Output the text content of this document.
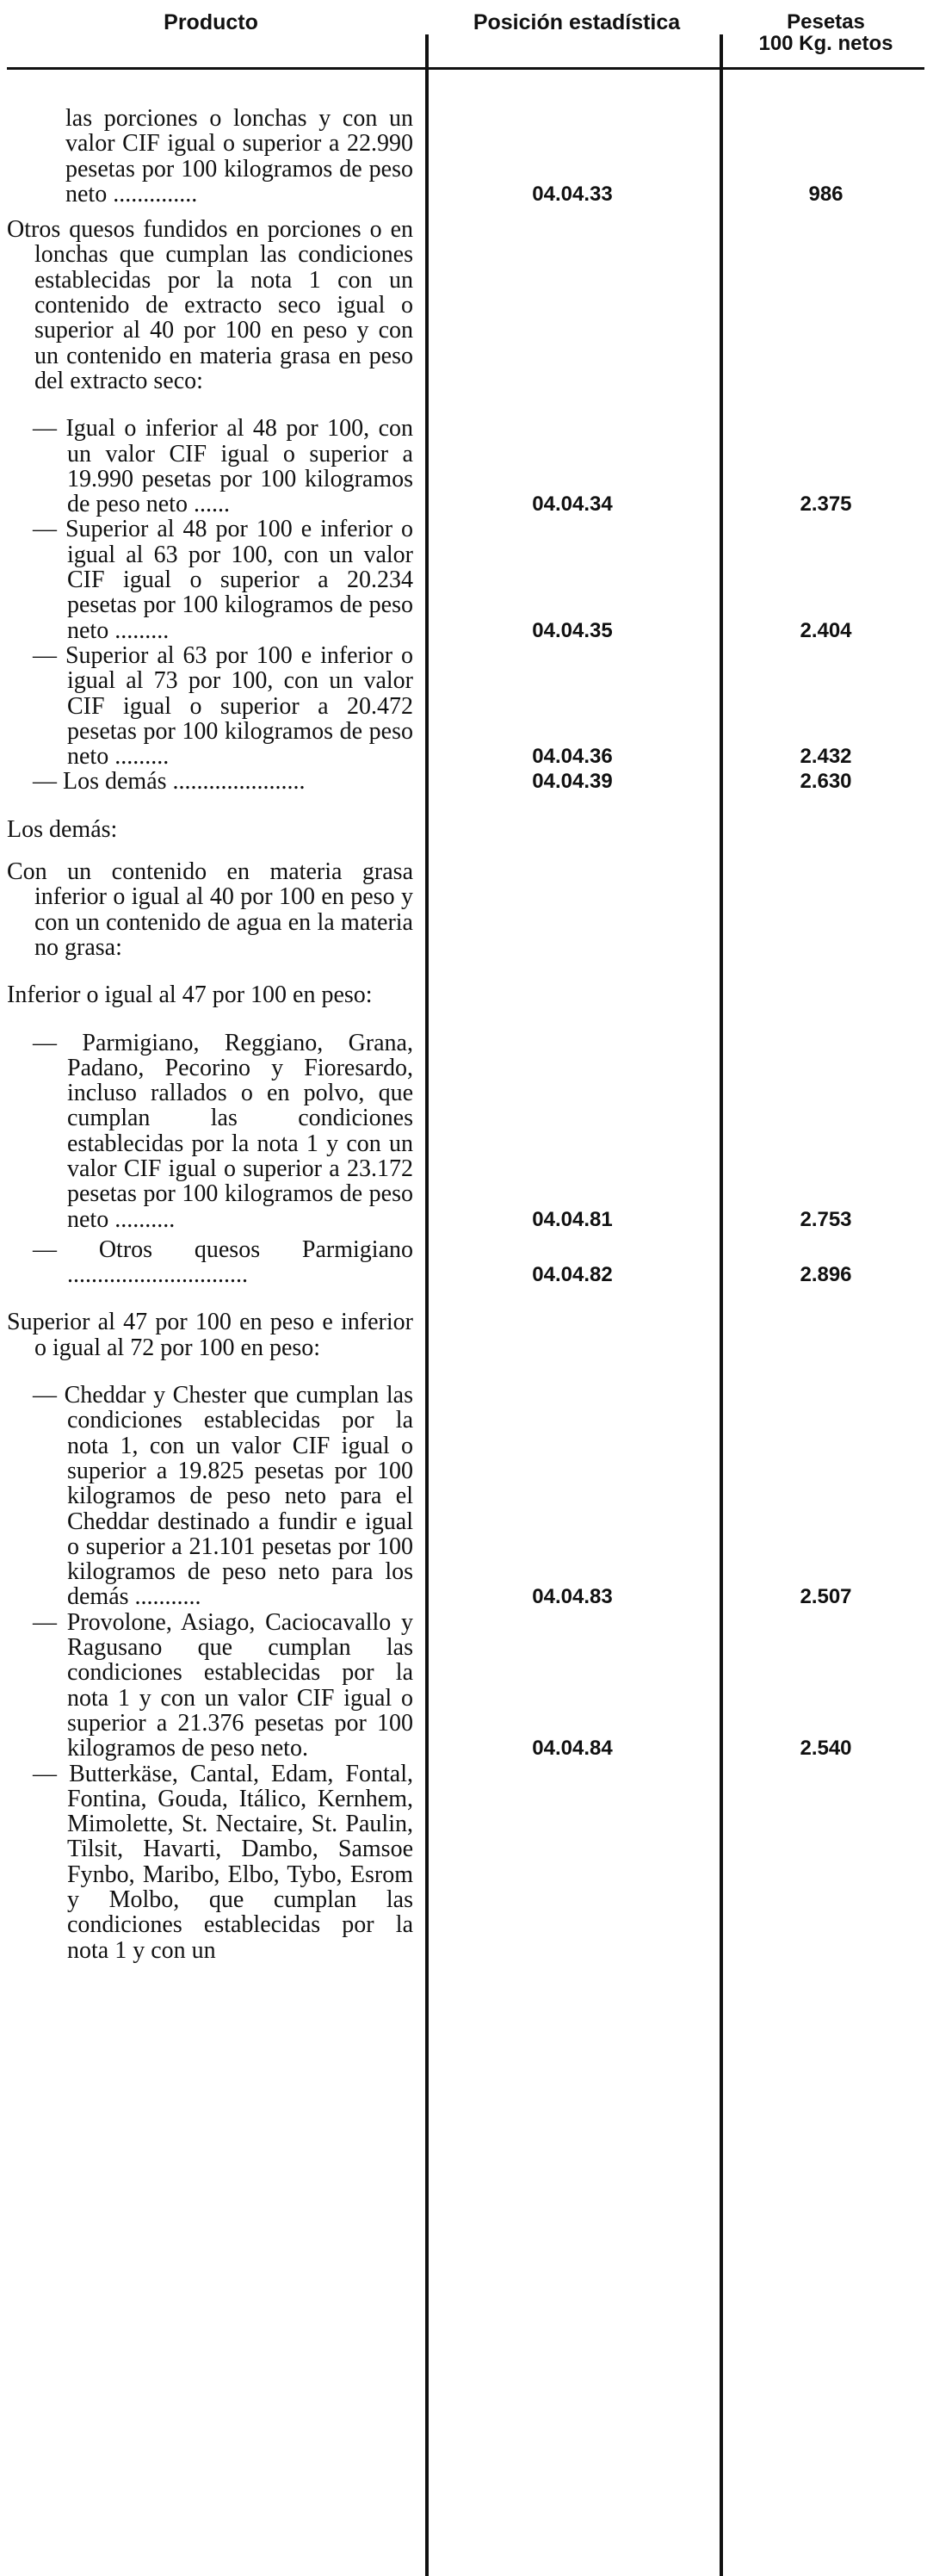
Producto	Posición estadística	Pesetas
100 Kg. netos
las porciones o lonchas y con un valor CIF igual o superior a 22.990 pesetas por 100 kilogramos de peso neto ..............	04.04.33	986
Otros quesos fundidos en porciones o en lonchas que cumplan las condiciones establecidas por la nota 1 con un contenido de extracto seco igual o superior al 40 por 100 en peso y con un contenido en materia grasa en peso del extracto seco:
— Igual o inferior al 48 por 100, con un valor CIF igual o superior a 19.990 pesetas por 100 kilogramos de peso neto ......	04.04.34	2.375
— Superior al 48 por 100 e inferior o igual al 63 por 100, con un valor CIF igual o superior a 20.234 pesetas por 100 kilogramos de peso neto .........	04.04.35	2.404
— Superior al 63 por 100 e inferior o igual al 73 por 100, con un valor CIF igual o superior a 20.472 pesetas por 100 kilogramos de peso neto .........	04.04.36	2.432
— Los demás ......................	04.04.39	2.630
Los demás:
Con un contenido en materia grasa inferior o igual al 40 por 100 en peso y con un contenido de agua en la materia no grasa:
Inferior o igual al 47 por 100 en peso:
— Parmigiano, Reggiano, Grana, Padano, Pecorino y Fioresardo, incluso rallados o en polvo, que cumplan las condiciones establecidas por la nota 1 y con un valor CIF igual o superior a 23.172 pesetas por 100 kilogramos de peso neto ..........	04.04.81	2.753
— Otros quesos Parmigiano ..............................	04.04.82	2.896
Superior al 47 por 100 en peso e inferior o igual al 72 por 100 en peso:
— Cheddar y Chester que cumplan las condiciones establecidas por la nota 1, con un valor CIF igual o superior a 19.825 pesetas por 100 kilogramos de peso neto para el Cheddar destinado a fundir e igual o superior a 21.101 pesetas por 100 kilogramos de peso neto para los demás ...........	04.04.83	2.507
— Provolone, Asiago, Caciocavallo y Ragusano que cumplan las condiciones establecidas por la nota 1 y con un valor CIF igual o superior a 21.376 pesetas por 100 kilogramos de peso neto.	04.04.84	2.540
— Butterkäse, Cantal, Edam, Fontal, Fontina, Gouda, Itálico, Kernhem, Mimolette, St. Nectaire, St. Paulin, Tilsit, Havarti, Dambo, Samsoe Fynbo, Maribo, Elbo, Tybo, Esrom y Molbo, que cumplan las condiciones establecidas por la nota 1 y con un
